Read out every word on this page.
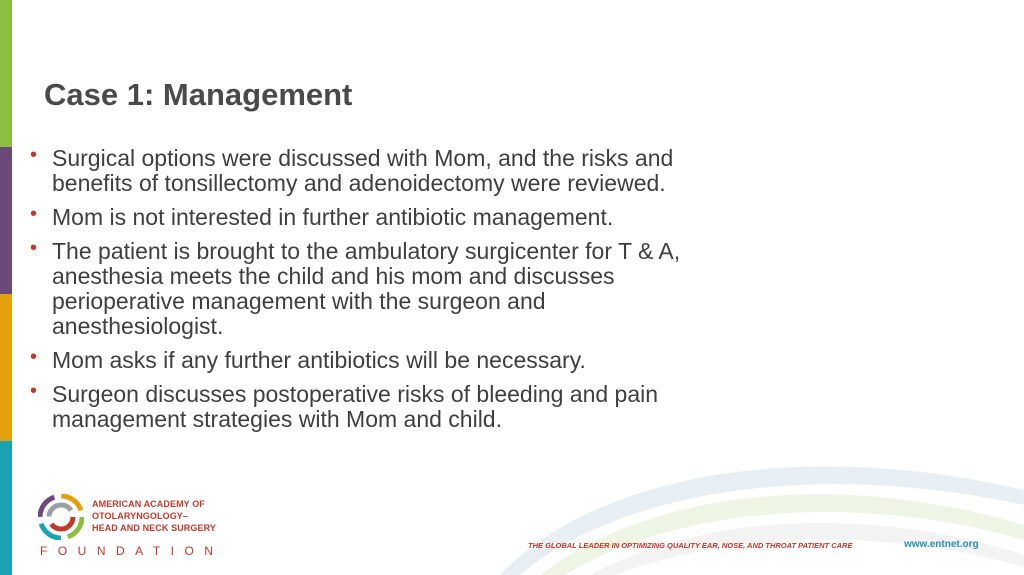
Case 1: Management
• Surgical options were discussed with Mom, and the risks and benefits of tonsillectomy and adenoidectomy were reviewed.
• Mom is not interested in further antibiotic management.
• The patient is brought to the ambulatory surgicenter for T & A, anesthesia meets the child and his mom and discusses perioperative management with the surgeon and anesthesiologist.
• Mom asks if any further antibiotics will be necessary.
• Surgeon discusses postoperative risks of bleeding and pain management strategies with Mom and child.
AMERICAN ACADEMY OF
OTOLARYNGOLOGY–
HEAD AND NECK SURGERY
FOUNDATION	THE GLOBAL LEADER IN OPTIMIZING QUALITY EAR, NOSE, AND THROAT PATIENT CARE	www.entnet.org
